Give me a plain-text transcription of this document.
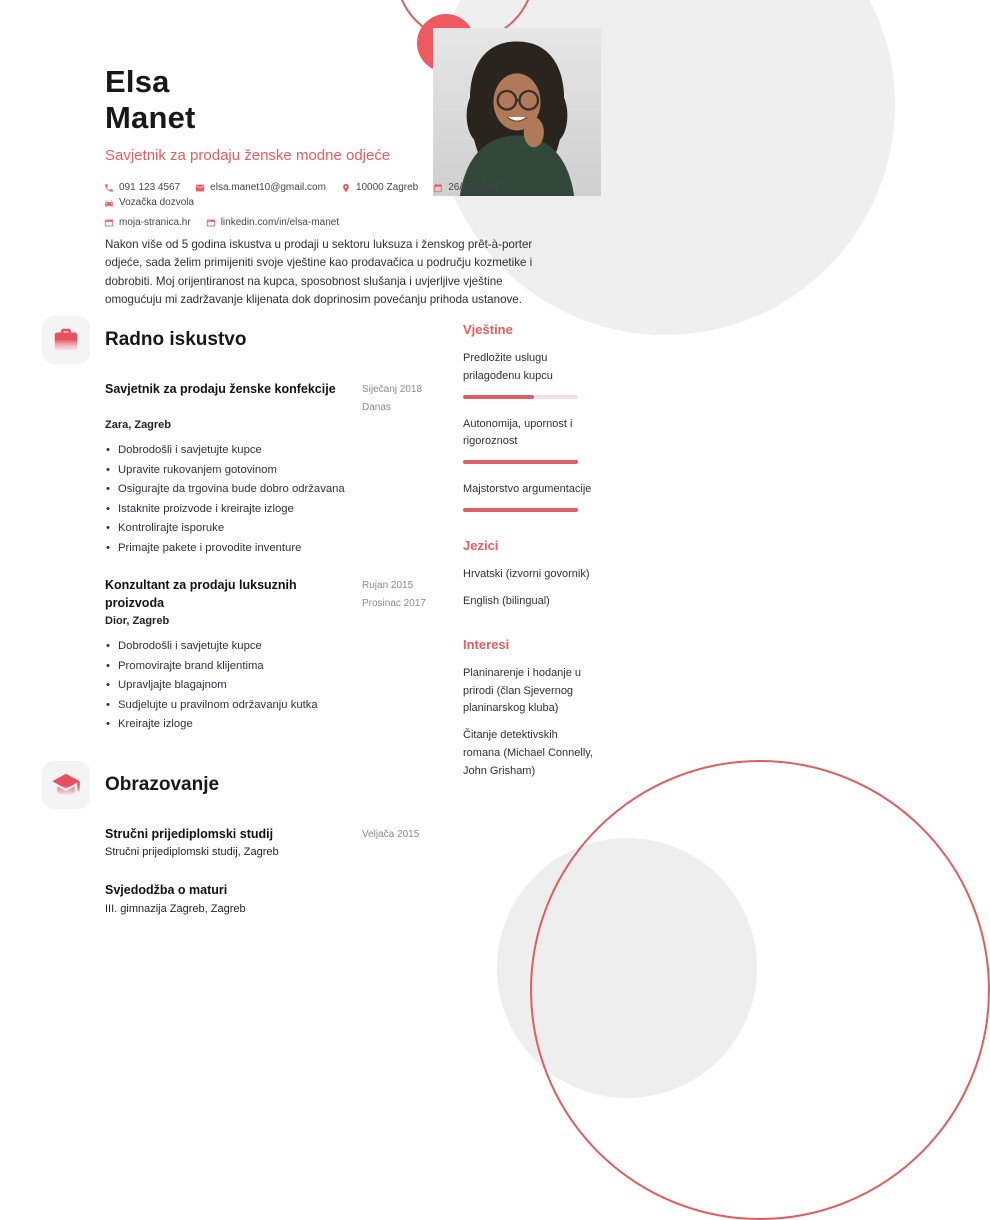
Elsa
Manet
Savjetnik za prodaju ženske modne odjeće
091 123 4567	elsa.manet10@gmail.com	10000 Zagreb	26/04/1994
Vozačka dozvola
moja-stranica.hr	linkedin.com/in/elsa-manet

Nakon više od 5 godina iskustva u prodaji u sektoru luksuza i ženskog prêt-à-porter odjeće, sada želim primijeniti svoje vještine kao prodavačica u području kozmetike i dobrobiti. Moj orijentiranost na kupca, sposobnost slušanja i uvjerljive vještine omogućuju mi zadržavanje klijenata dok doprinosim povećanju prihoda ustanove.

Radno iskustvo
Savjetnik za prodaju ženske konfekcije	Siječanj 2018
Danas
Zara, Zagreb
• Dobrodošli i savjetujte kupce
• Upravite rukovanjem gotovinom
• Osigurajte da trgovina bude dobro održavana
• Istaknite proizvode i kreirajte izloge
• Kontrolirajte isporuke
• Primajte pakete i provodite inventure
Konzultant za prodaju luksuznih proizvoda
Rujan 2015
Prosinac 2017
Dior, Zagreb
• Dobrodošli i savjetujte kupce
• Promovirajte brand klijentima
• Upravljajte blagajnom
• Sudjelujte u pravilnom održavanju kutka
• Kreirajte izloge
Obrazovanje
Stručni prijediplomski studij	Veljača 2015
Stručni prijediplomski studij, Zagreb
Svjedodžba o maturi
III. gimnazija Zagreb, Zagreb
Vještine
Predložite uslugu prilagođenu kupcu
Autonomija, upornost i rigoroznost
Majstorstvo argumentacije
Jezici
Hrvatski (izvorni govornik)
English (bilingual)
Interesi
Planinarenje i hodanje u prirodi (član Sjevernog planinarskog kluba)
Čitanje detektivskih romana (Michael Connelly, John Grisham)
